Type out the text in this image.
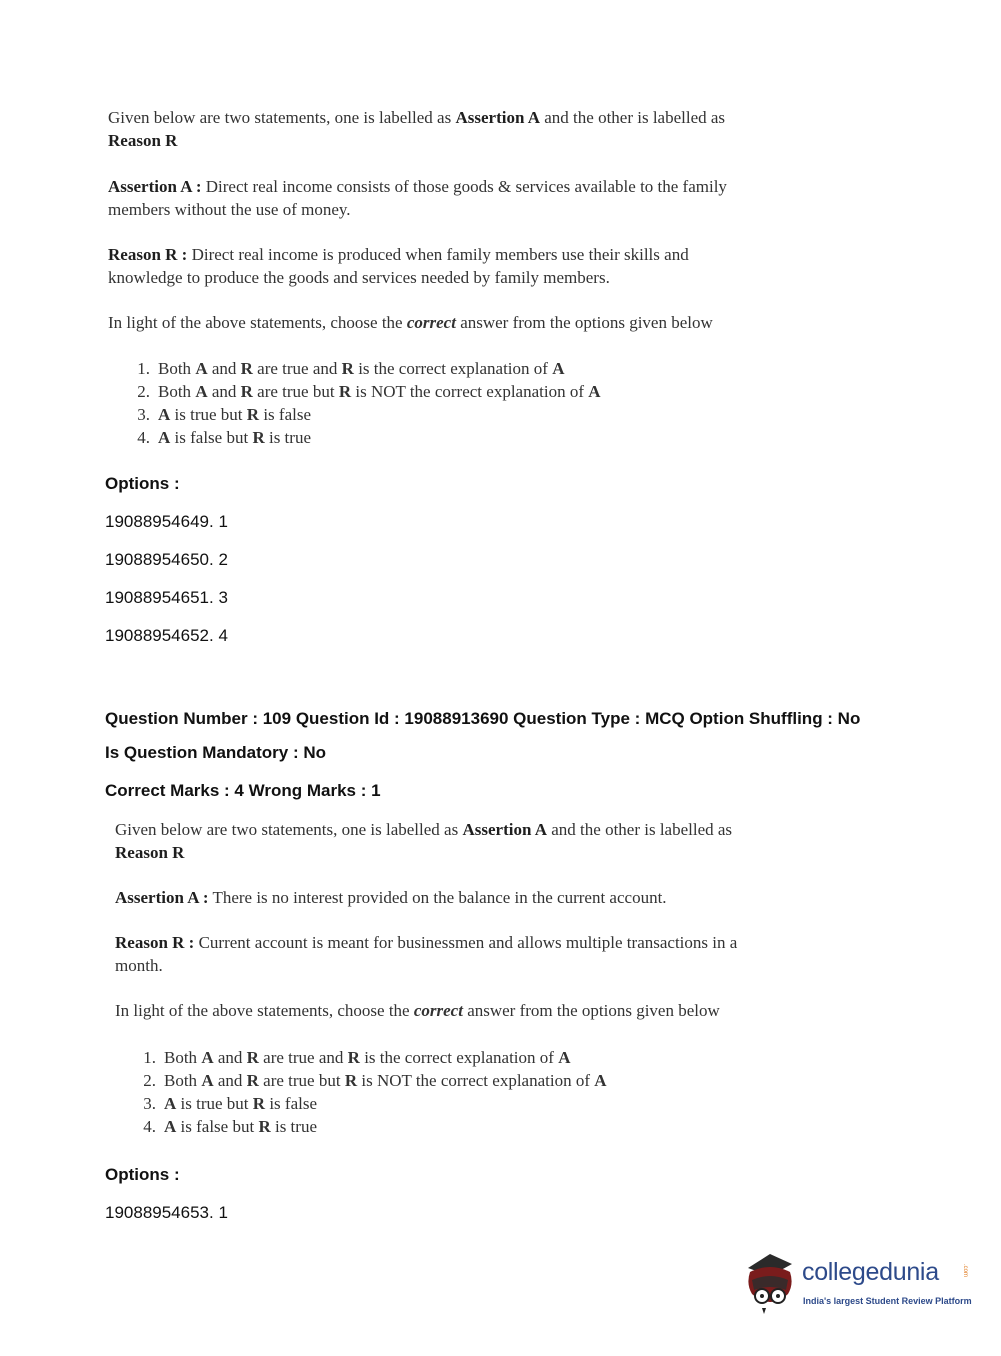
Given below are two statements, one is labelled as Assertion A and the other is labelled as

Reason R

Assertion A : Direct real income consists of those goods & services available to the family

members without the use of money.

Reason R : Direct real income is produced when family members use their skills and

knowledge to produce the goods and services needed by family members.

In light of the above statements, choose the correct answer from the options given below

1. Both A and R are true and R is the correct explanation of A
2. Both A and R are true but R is NOT the correct explanation of A
3. A is true but R is false
4. A is false but R is true
Options :
19088954649. 1
19088954650. 2
19088954651. 3
19088954652. 4
Question Number : 109 Question Id : 19088913690 Question Type : MCQ Option Shuffling : No
Is Question Mandatory : No
Correct Marks : 4 Wrong Marks : 1

Given below are two statements, one is labelled as Assertion A and the other is labelled as

Reason R

Assertion A : There is no interest provided on the balance in the current account.

Reason R : Current account is meant for businessmen and allows multiple transactions in a

month.

In light of the above statements, choose the correct answer from the options given below

1. Both A and R are true and R is the correct explanation of A
2. Both A and R are true but R is NOT the correct explanation of A
3. A is true but R is false
4. A is false but R is true
Options :
19088954653. 1
collegedunia	.com
India's largest Student Review Platform
